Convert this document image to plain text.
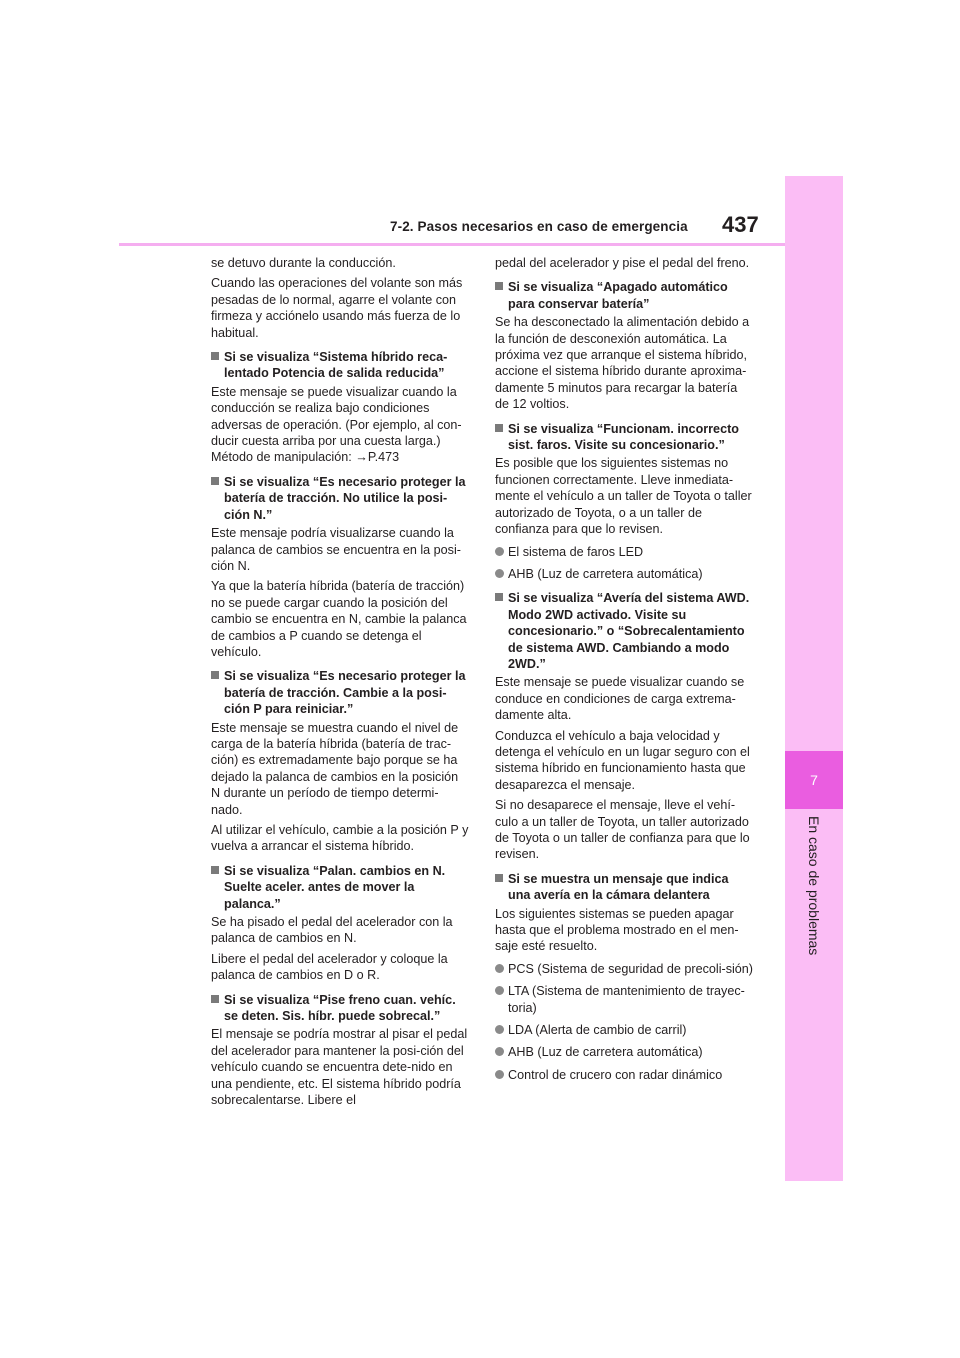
7
En caso de problemas
7-2. Pasos necesarios en caso de emergencia 437
se detuvo durante la conducción.
Cuando las operaciones del volante son más pesadas de lo normal, agarre el volante con firmeza y acciónelo usando más fuerza de lo habitual.
Si se visualiza “Sistema híbrido reca-lentado Potencia de salida reducida”
Este mensaje se puede visualizar cuando la conducción se realiza bajo condiciones adversas de operación. (Por ejemplo, al con-ducir cuesta arriba por una cuesta larga.) Método de manipulación: →P.473
Si se visualiza “Es necesario proteger la batería de tracción. No utilice la posi-ción N.”
Este mensaje podría visualizarse cuando la palanca de cambios se encuentra en la posi-ción N.
Ya que la batería híbrida (batería de tracción) no se puede cargar cuando la posición del cambio se encuentra en N, cambie la palanca de cambios a P cuando se detenga el vehículo.
Si se visualiza “Es necesario proteger la batería de tracción. Cambie a la posi-ción P para reiniciar.”
Este mensaje se muestra cuando el nivel de carga de la batería híbrida (batería de trac-ción) es extremadamente bajo porque se ha dejado la palanca de cambios en la posición N durante un período de tiempo determi-nado.
Al utilizar el vehículo, cambie a la posición P y vuelva a arrancar el sistema híbrido.
Si se visualiza “Palan. cambios en N. Suelte aceler. antes de mover la palanca.”
Se ha pisado el pedal del acelerador con la palanca de cambios en N.
Libere el pedal del acelerador y coloque la palanca de cambios en D o R.
Si se visualiza “Pise freno cuan. vehíc. se deten. Sis. híbr. puede sobrecal.”
El mensaje se podría mostrar al pisar el pedal del acelerador para mantener la posi-ción del vehículo cuando se encuentra dete-nido en una pendiente, etc. El sistema híbrido podría sobrecalentarse. Libere el
pedal del acelerador y pise el pedal del freno.
Si se visualiza “Apagado automático para conservar batería”
Se ha desconectado la alimentación debido a la función de desconexión automática. La próxima vez que arranque el sistema híbrido, accione el sistema híbrido durante aproxima-damente 5 minutos para recargar la batería de 12 voltios.
Si se visualiza “Funcionam. incorrecto sist. faros. Visite su concesionario.”
Es posible que los siguientes sistemas no funcionen correctamente. Lleve inmediata-mente el vehículo a un taller de Toyota o taller autorizado de Toyota, o a un taller de confianza para que lo revisen.
El sistema de faros LED
AHB (Luz de carretera automática)
Si se visualiza “Avería del sistema AWD. Modo 2WD activado. Visite su concesionario.” o “Sobrecalentamiento de sistema AWD. Cambiando a modo 2WD.”
Este mensaje se puede visualizar cuando se conduce en condiciones de carga extrema-damente alta.
Conduzca el vehículo a baja velocidad y detenga el vehículo en un lugar seguro con el sistema híbrido en funcionamiento hasta que desaparezca el mensaje.
Si no desaparece el mensaje, lleve el vehí-culo a un taller de Toyota, un taller autorizado de Toyota o un taller de confianza para que lo revisen.
Si se muestra un mensaje que indica una avería en la cámara delantera
Los siguientes sistemas se pueden apagar hasta que el problema mostrado en el men-saje esté resuelto.
PCS (Sistema de seguridad de precoli-sión)
LTA (Sistema de mantenimiento de trayec-toria)
LDA (Alerta de cambio de carril)
AHB (Luz de carretera automática)
Control de crucero con radar dinámico
